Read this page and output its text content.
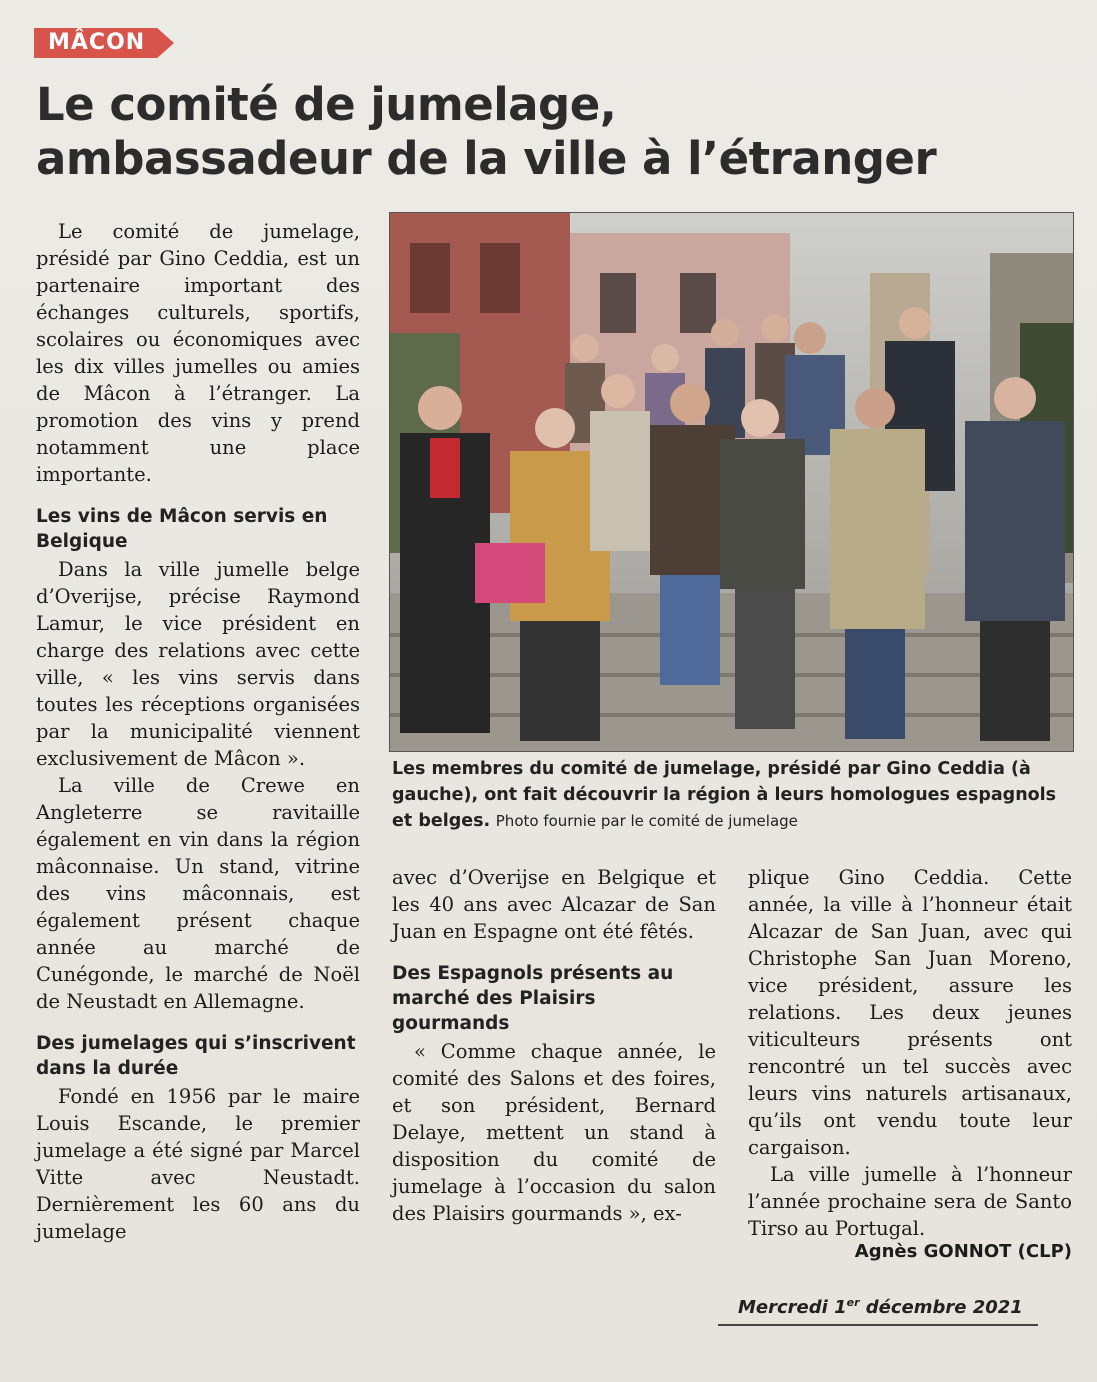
MÂCON
Le comité de jumelage,
ambassadeur de la ville à l’étranger

Le comité de jumelage, présidé par Gino Ceddia, est un partenaire important des échanges culturels, sportifs, scolaires ou économiques avec les dix villes jumelles ou amies de Mâcon à l’étranger. La promotion des vins y prend notamment une place importante.

Les vins de Mâcon servis en Belgique

Dans la ville jumelle belge d’Overijse, précise Raymond Lamur, le vice président en charge des relations avec cette ville, « les vins servis dans toutes les réceptions organisées par la municipalité viennent exclusivement de Mâcon ».

La ville de Crewe en Angleterre se ravitaille également en vin dans la région mâconnaise. Un stand, vitrine des vins mâconnais, est également présent chaque année au marché de Cunégonde, le marché de Noël de Neustadt en Allemagne.

Des jumelages qui s’inscrivent dans la durée

Fondé en 1956 par le maire Louis Escande, le premier jumelage a été signé par Marcel Vitte avec Neustadt. Dernièrement les 60 ans du jumelage

Les membres du comité de jumelage, présidé par Gino Ceddia (à gauche), ont fait découvrir la région à leurs homologues espagnols et belges. Photo fournie par le comité de jumelage

avec d’Overijse en Belgique et les 40 ans avec Alcazar de San Juan en Espagne ont été fêtés.

Des Espagnols présents au marché des Plaisirs gourmands

« Comme chaque année, le comité des Salons et des foires, et son président, Bernard Delaye, mettent un stand à disposition du comité de jumelage à l’occasion du salon des Plaisirs gourmands », ex-

plique Gino Ceddia. Cette année, la ville à l’honneur était Alcazar de San Juan, avec qui Christophe San Juan Moreno, vice président, assure les relations. Les deux jeunes viticulteurs présents ont rencontré un tel succès avec leurs vins naturels artisanaux, qu’ils ont vendu toute leur cargaison.

La ville jumelle à l’honneur l’année prochaine sera de Santo Tirso au Portugal.

Agnès GONNOT (CLP)
Mercredi 1er décembre 2021
